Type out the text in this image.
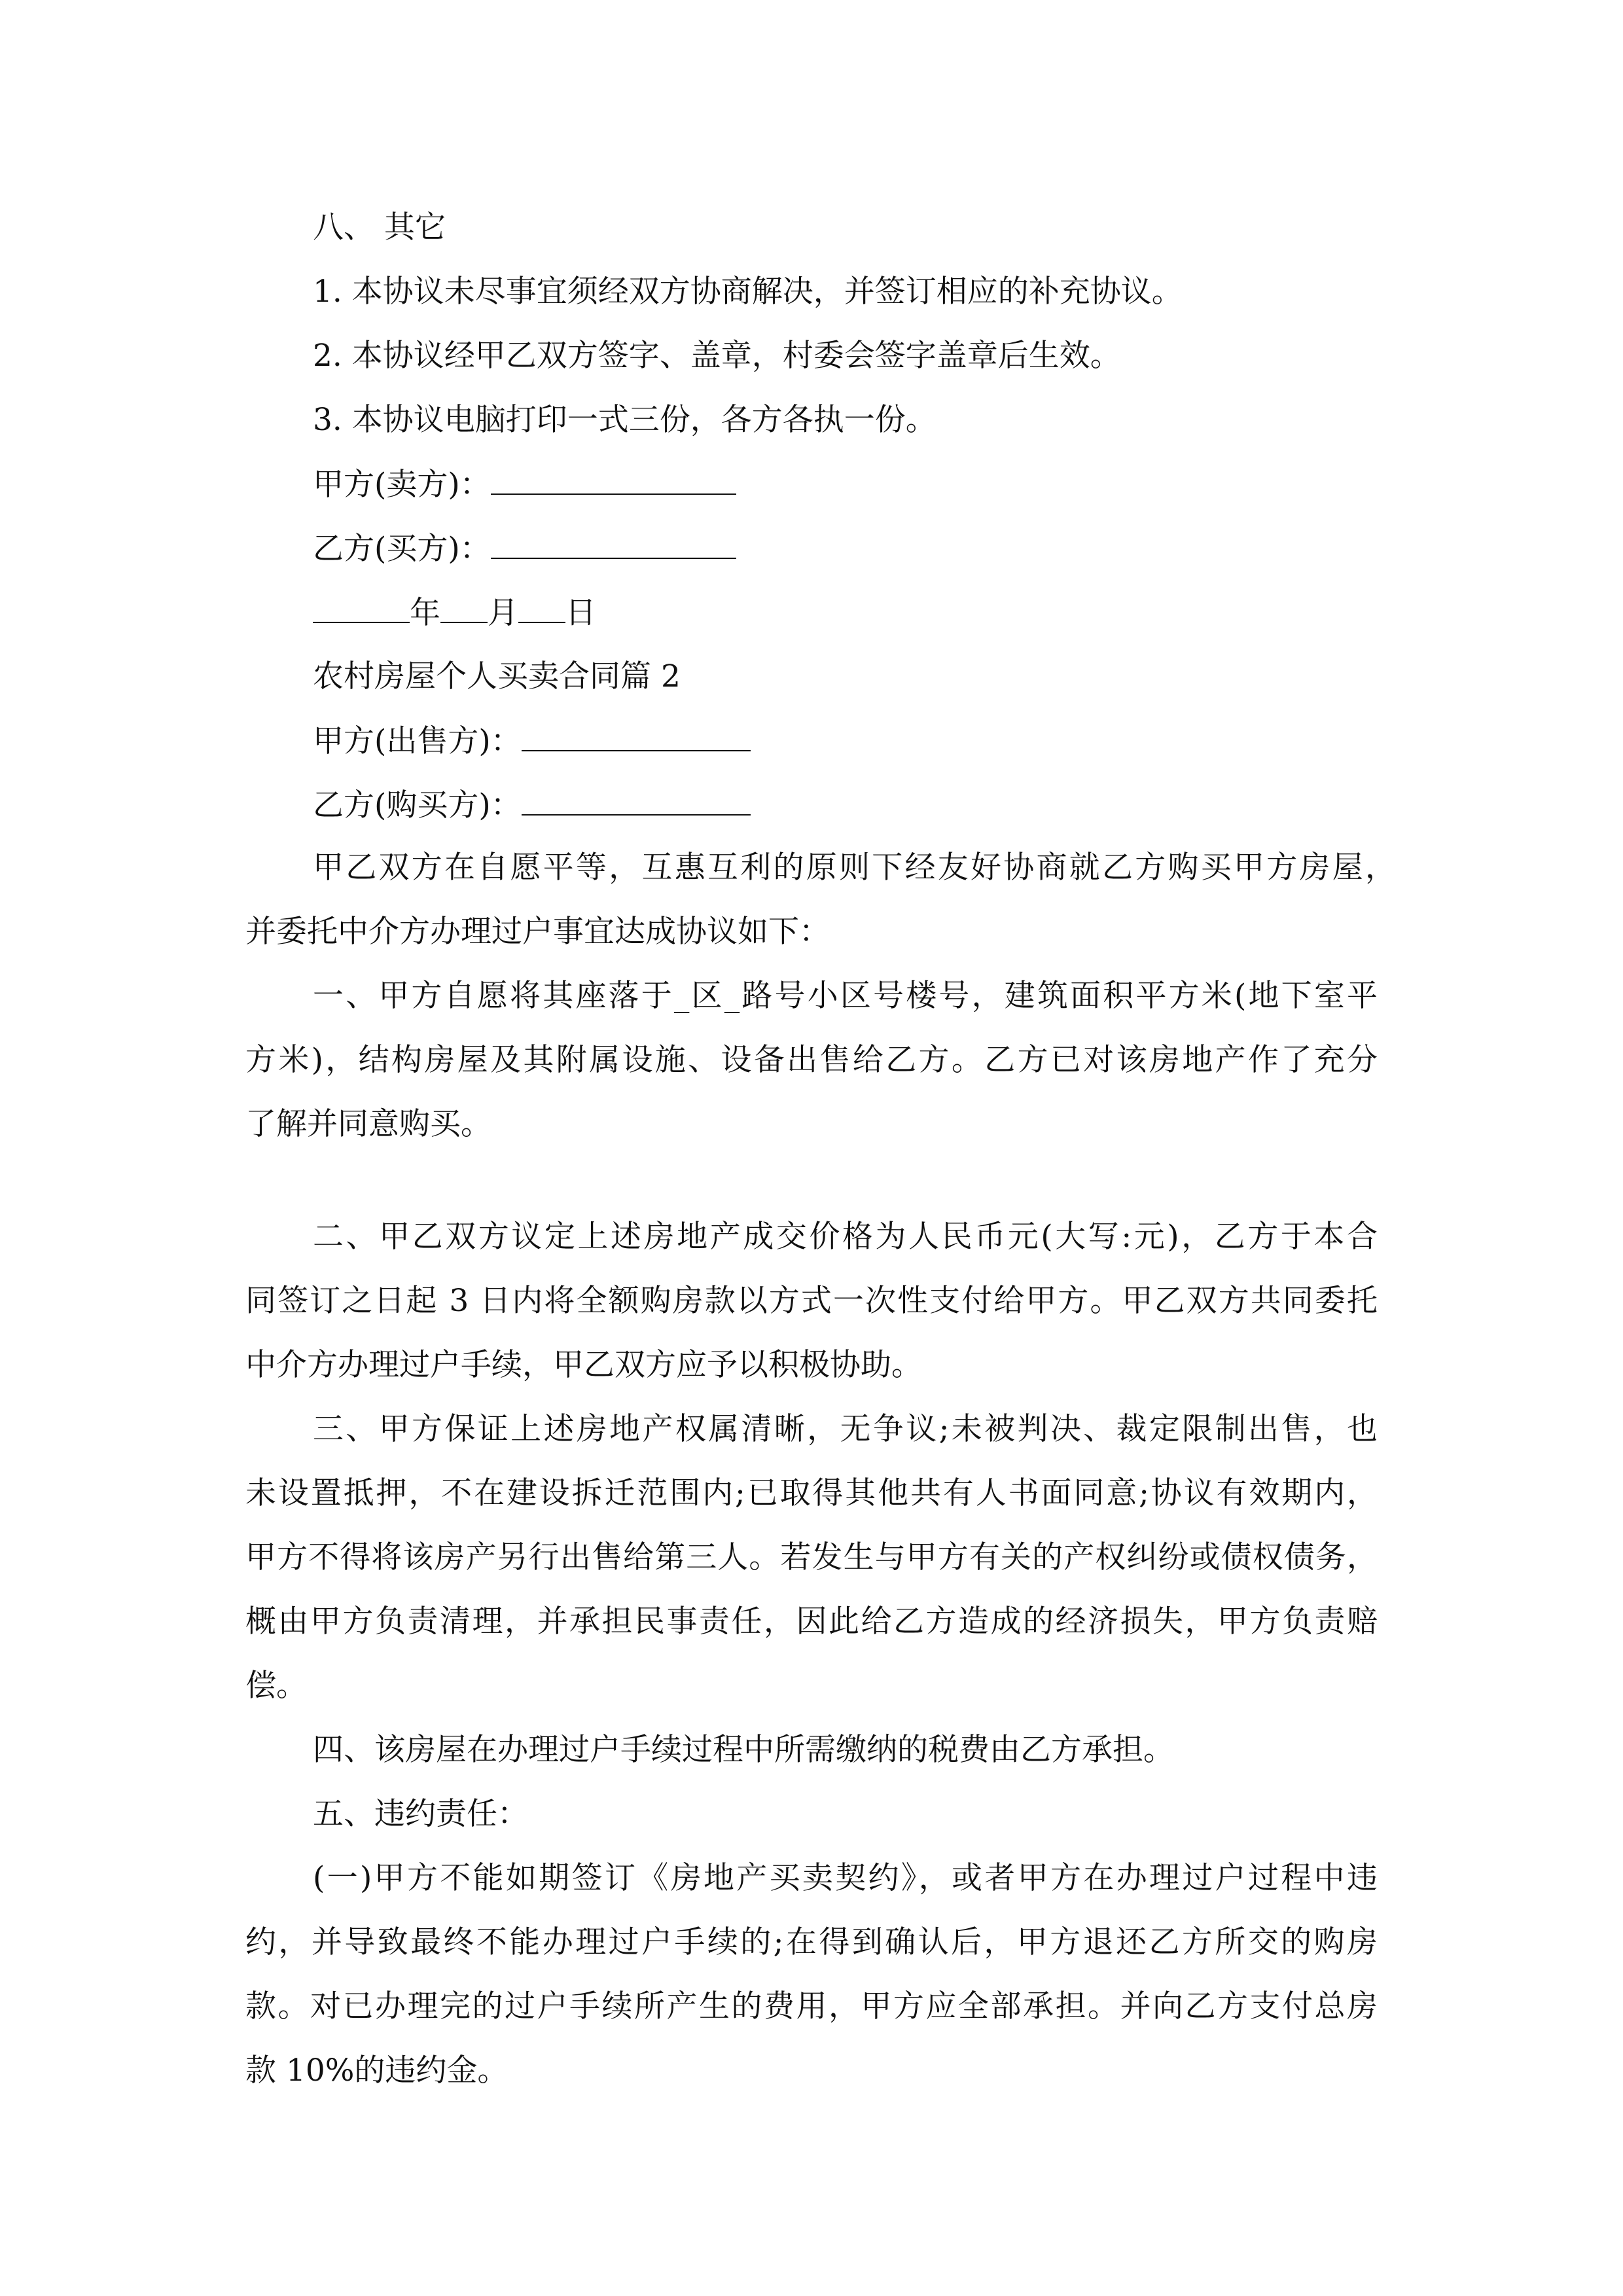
八、 其它
1. 本协议未尽事宜须经双方协商解决，并签订相应的补充协议。
2. 本协议经甲乙双方签字、盖章，村委会签字盖章后生效。
3. 本协议电脑打印一式三份，各方各执一份。
甲方(卖方)：
乙方(买方)：
年 月 日
农村房屋个人买卖合同篇 2
甲方(出售方)：
乙方(购买方)：
甲乙双方在自愿平等，互惠互利的原则下经友好协商就乙方购买甲方房屋，
并委托中介方办理过户事宜达成协议如下：
一、甲方自愿将其座落于_区_路号小区号楼号，建筑面积平方米(地下室平
方米)，结构房屋及其附属设施、设备出售给乙方。乙方已对该房地产作了充分
了解并同意购买。
二、甲乙双方议定上述房地产成交价格为人民币元(大写:元)，乙方于本合
同签订之日起 3 日内将全额购房款以方式一次性支付给甲方。甲乙双方共同委托
中介方办理过户手续，甲乙双方应予以积极协助。
三、甲方保证上述房地产权属清晰，无争议;未被判决、裁定限制出售，也
未设置抵押，不在建设拆迁范围内;已取得其他共有人书面同意;协议有效期内，
甲方不得将该房产另行出售给第三人。若发生与甲方有关的产权纠纷或债权债务，
概由甲方负责清理，并承担民事责任，因此给乙方造成的经济损失，甲方负责赔
偿。
四、该房屋在办理过户手续过程中所需缴纳的税费由乙方承担。
五、违约责任：
(一)甲方不能如期签订《房地产买卖契约》，或者甲方在办理过户过程中违
约，并导致最终不能办理过户手续的;在得到确认后，甲方退还乙方所交的购房
款。对已办理完的过户手续所产生的费用，甲方应全部承担。并向乙方支付总房
款 10%的违约金。
